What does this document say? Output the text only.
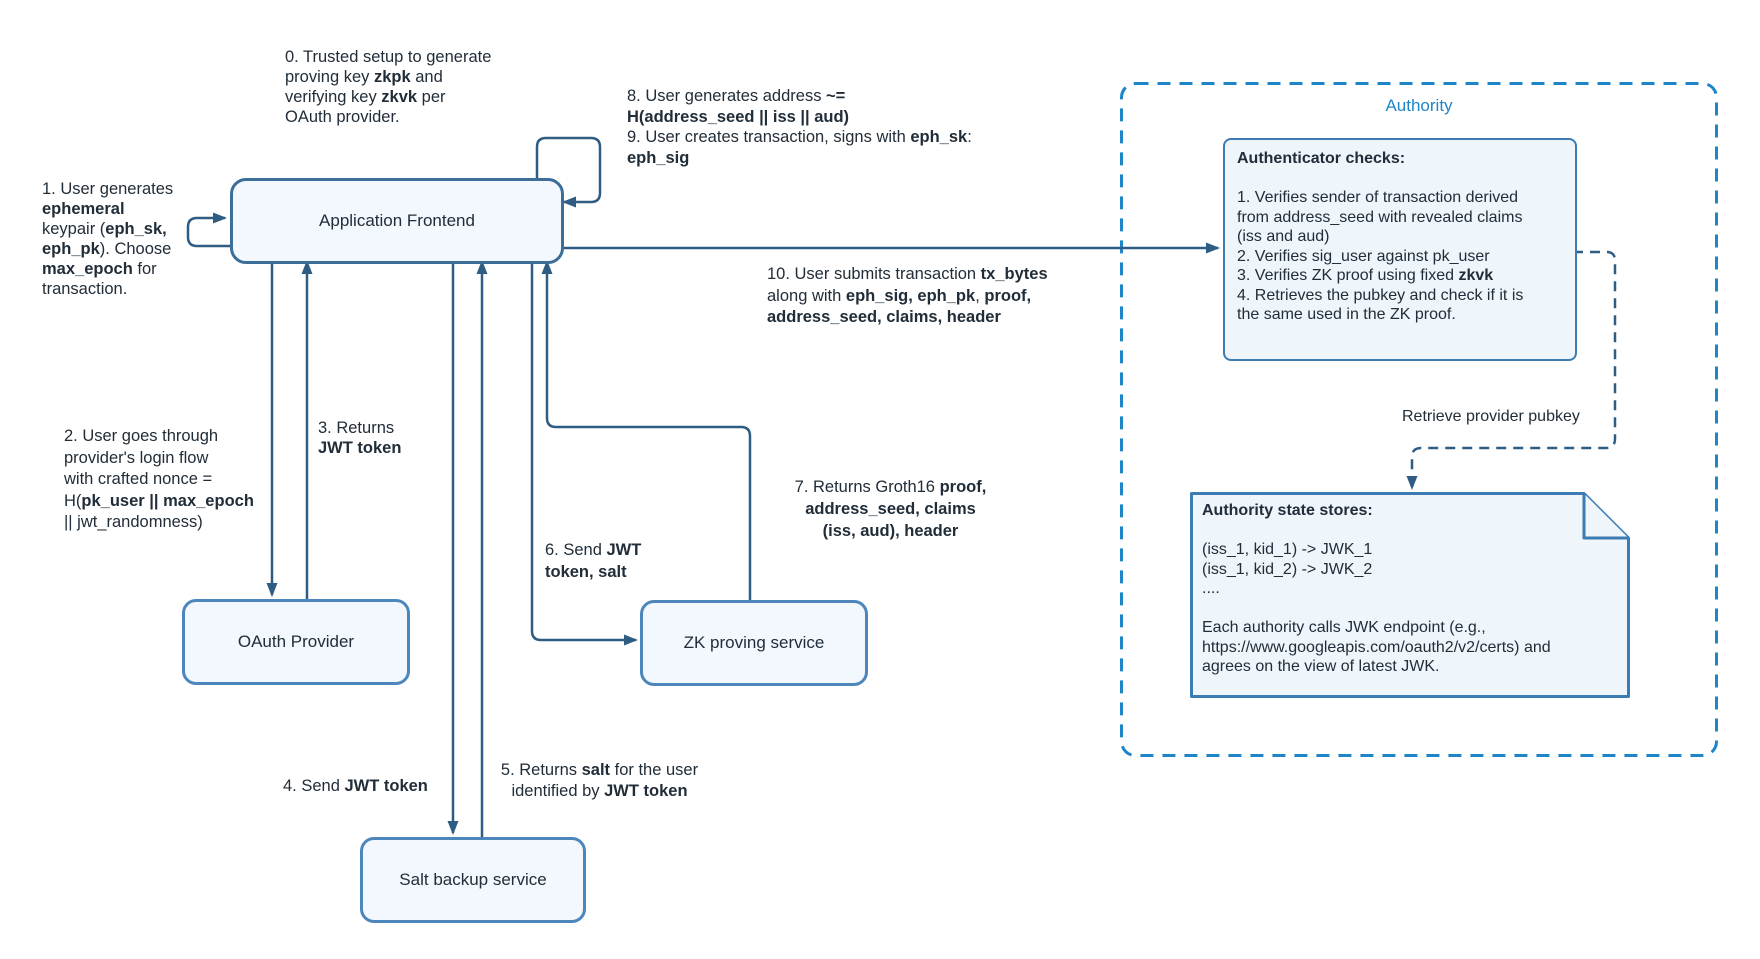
Application Frontend
OAuth Provider	ZK proving service
Salt backup service
Authority
Authenticator checks:

1. Verifies sender of transaction derived
from address_seed with revealed claims
(iss and aud)
2. Verifies sig_user against pk_user
3. Verifies ZK proof using fixed zkvk
4. Retrieves the pubkey and check if it is
the same used in the ZK proof.
Authority state stores:

(iss_1, kid_1) -> JWK_1
(iss_1, kid_2) -> JWK_2
....

Each authority calls JWK endpoint (e.g.,
https://www.googleapis.com/oauth2/v2/certs) and
agrees on the view of latest JWK.
0. Trusted setup to generate
proving key zkpk and
verifying key zkvk per
OAuth provider.
1. User generates
ephemeral
keypair (eph_sk,
eph_pk). Choose
max_epoch for
transaction.
2. User goes through
provider's login flow
with crafted nonce =
H(pk_user || max_epoch
|| jwt_randomness)
3. Returns
JWT token
4. Send JWT token
5. Returns salt for the user
identified by JWT token
6. Send JWT
token, salt
7. Returns Groth16 proof,
address_seed, claims
(iss, aud), header
8. User generates address ~=
H(address_seed || iss || aud)
9. User creates transaction, signs with eph_sk:
eph_sig
10. User submits transaction tx_bytes
along with eph_sig, eph_pk, proof,
address_seed, claims, header
Retrieve provider pubkey
